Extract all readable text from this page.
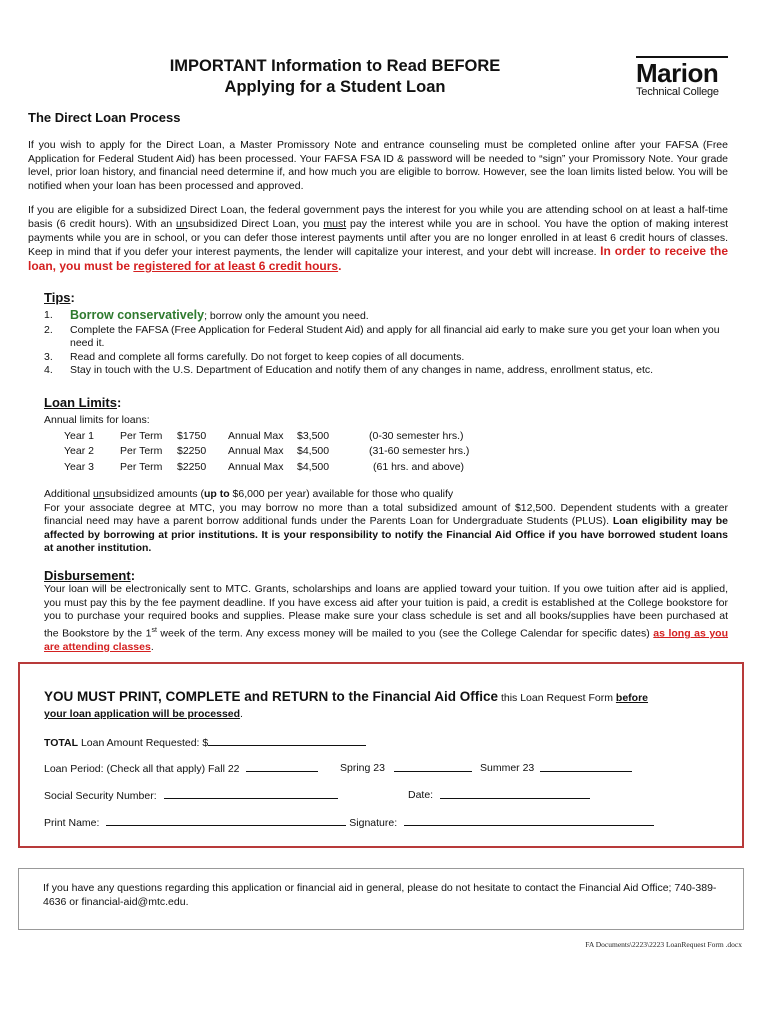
IMPORTANT Information to Read BEFORE
Applying for a Student Loan	Marion
Technical College
The Direct Loan Process

If you wish to apply for the Direct Loan, a Master Promissory Note and entrance counseling must be completed online after your FAFSA (Free Application for Federal Student Aid) has been processed. Your FAFSA FSA ID & password will be needed to “sign” your Promissory Note. Your grade level, prior loan history, and financial need determine if, and how much you are eligible to borrow. However, see the loan limits listed below. You will be notified when your loan has been processed and approved.

If you are eligible for a subsidized Direct Loan, the federal government pays the interest for you while you are attending school on at least a half-time basis (6 credit hours). With an unsubsidized Direct Loan, you must pay the interest while you are in school. You have the option of making interest payments while you are in school, or you can defer those interest payments until after you are no longer enrolled in at least 6 credit hours of classes. Keep in mind that if you defer your interest payments, the lender will capitalize your interest, and your debt will increase. In order to receive the loan, you must be registered for at least 6 credit hours.

Tips:
1. Borrow conservatively; borrow only the amount you need.
2. Complete the FAFSA (Free Application for Federal Student Aid) and apply for all financial aid early to make sure you get your loan when you need it.
3. Read and complete all forms carefully. Do not forget to keep copies of all documents.
4. Stay in touch with the U.S. Department of Education and notify them of any changes in name, address, enrollment status, etc.
Loan Limits:
Annual limits for loans:
Year 1 Per Term $1750 Annual Max $3,500	(0-30 semester hrs.)
Year 2 Per Term $2250 Annual Max $4,500	(31-60 semester hrs.)
Year 3 Per Term $2250 Annual Max $4,500	(61 hrs. and above)

Additional unsubsidized amounts (up to $6,000 per year) available for those who qualify

For your associate degree at MTC, you may borrow no more than a total subsidized amount of $12,500. Dependent students with a greater financial need may have a parent borrow additional funds under the Parents Loan for Undergraduate Students (PLUS). Loan eligibility may be affected by borrowing at prior institutions. It is your responsibility to notify the Financial Aid Office if you have borrowed student loans at another institution.

Disbursement:

Your loan will be electronically sent to MTC. Grants, scholarships and loans are applied toward your tuition. If you owe tuition after aid is applied, you must pay this by the fee payment deadline. If you have excess aid after your tuition is paid, a credit is established at the College bookstore for you to purchase your required books and supplies. Please make sure your class schedule is set and all books/supplies have been purchased at the Bookstore by the 1st week of the term. Any excess money will be mailed to you (see the College Calendar for specific dates) as long as you are attending classes.

YOU MUST PRINT, COMPLETE and RETURN to the Financial Aid Office this Loan Request Form before
your loan application will be processed.
TOTAL Loan Amount Requested: $
Loan Period: (Check all that apply) Fall 22	Spring 23	Summer 23
Social Security Number:	Date:
Print Name:	Signature:

If you have any questions regarding this application or financial aid in general, please do not hesitate to contact the Financial Aid Office; 740-389-4636 or financial-aid@mtc.edu.

FA Documents\2223\2223 LoanRequest Form .docx
